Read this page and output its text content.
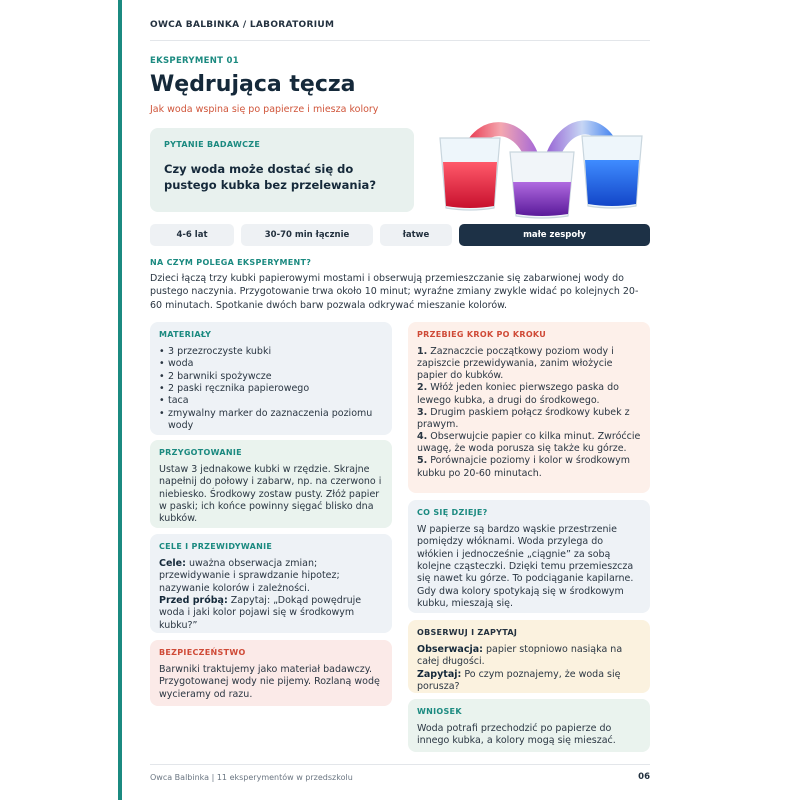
OWCA BALBINKA / LABORATORIUM
EKSPERYMENT 01
Wędrująca tęcza
Jak woda wspina się po papierze i miesza kolory
PYTANIE BADAWCZE
Czy woda może dostać się do pustego kubka bez przelewania?
4-6 lat	30-70 min łącznie	łatwe	małe zespoły
NA CZYM POLEGA EKSPERYMENT?

Dzieci łączą trzy kubki papierowymi mostami i obserwują przemieszczanie się zabarwionej wody do pustego naczynia. Przygotowanie trwa około 10 minut; wyraźne zmiany zwykle widać po kolejnych 20-60 minutach. Spotkanie dwóch barw pozwala odkrywać mieszanie kolorów.

MATERIAŁY
• 3 przezroczyste kubki
• woda
• 2 barwniki spożywcze
• 2 paski ręcznika papierowego
• taca
• zmywalny marker do zaznaczenia poziomu wody
PRZYGOTOWANIE
Ustaw 3 jednakowe kubki w rzędzie. Skrajne napełnij do połowy i zabarw, np. na czerwono i niebiesko. Środkowy zostaw pusty. Złóż papier w paski; ich końce powinny sięgać blisko dna kubków.
CELE I PRZEWIDYWANIE
Cele: uważna obserwacja zmian; przewidywanie i sprawdzanie hipotez; nazywanie kolorów i zależności.
Przed próbą: Zapytaj: „Dokąd powędruje woda i jaki kolor pojawi się w środkowym kubku?”
BEZPIECZEŃSTWO
Barwniki traktujemy jako materiał badawczy. Przygotowanej wody nie pijemy. Rozlaną wodę wycieramy od razu.
PRZEBIEG KROK PO KROKU
1. Zaznaczcie początkowy poziom wody i zapiszcie przewidywania, zanim włożycie papier do kubków.
2. Włóż jeden koniec pierwszego paska do lewego kubka, a drugi do środkowego.
3. Drugim paskiem połącz środkowy kubek z prawym.
4. Obserwujcie papier co kilka minut. Zwróćcie uwagę, że woda porusza się także ku górze.
5. Porównajcie poziomy i kolor w środkowym kubku po 20-60 minutach.
CO SIĘ DZIEJE?
W papierze są bardzo wąskie przestrzenie pomiędzy włóknami. Woda przylega do włókien i jednocześnie „ciągnie” za sobą kolejne cząsteczki. Dzięki temu przemieszcza się nawet ku górze. To podciąganie kapilarne. Gdy dwa kolory spotykają się w środkowym kubku, mieszają się.
OBSERWUJ I ZAPYTAJ
Obserwacja: papier stopniowo nasiąka na całej długości.
Zapytaj: Po czym poznajemy, że woda się porusza?
WNIOSEK
Woda potrafi przechodzić po papierze do innego kubka, a kolory mogą się mieszać.
Owca Balbinka | 11 eksperymentów w przedszkolu	06
